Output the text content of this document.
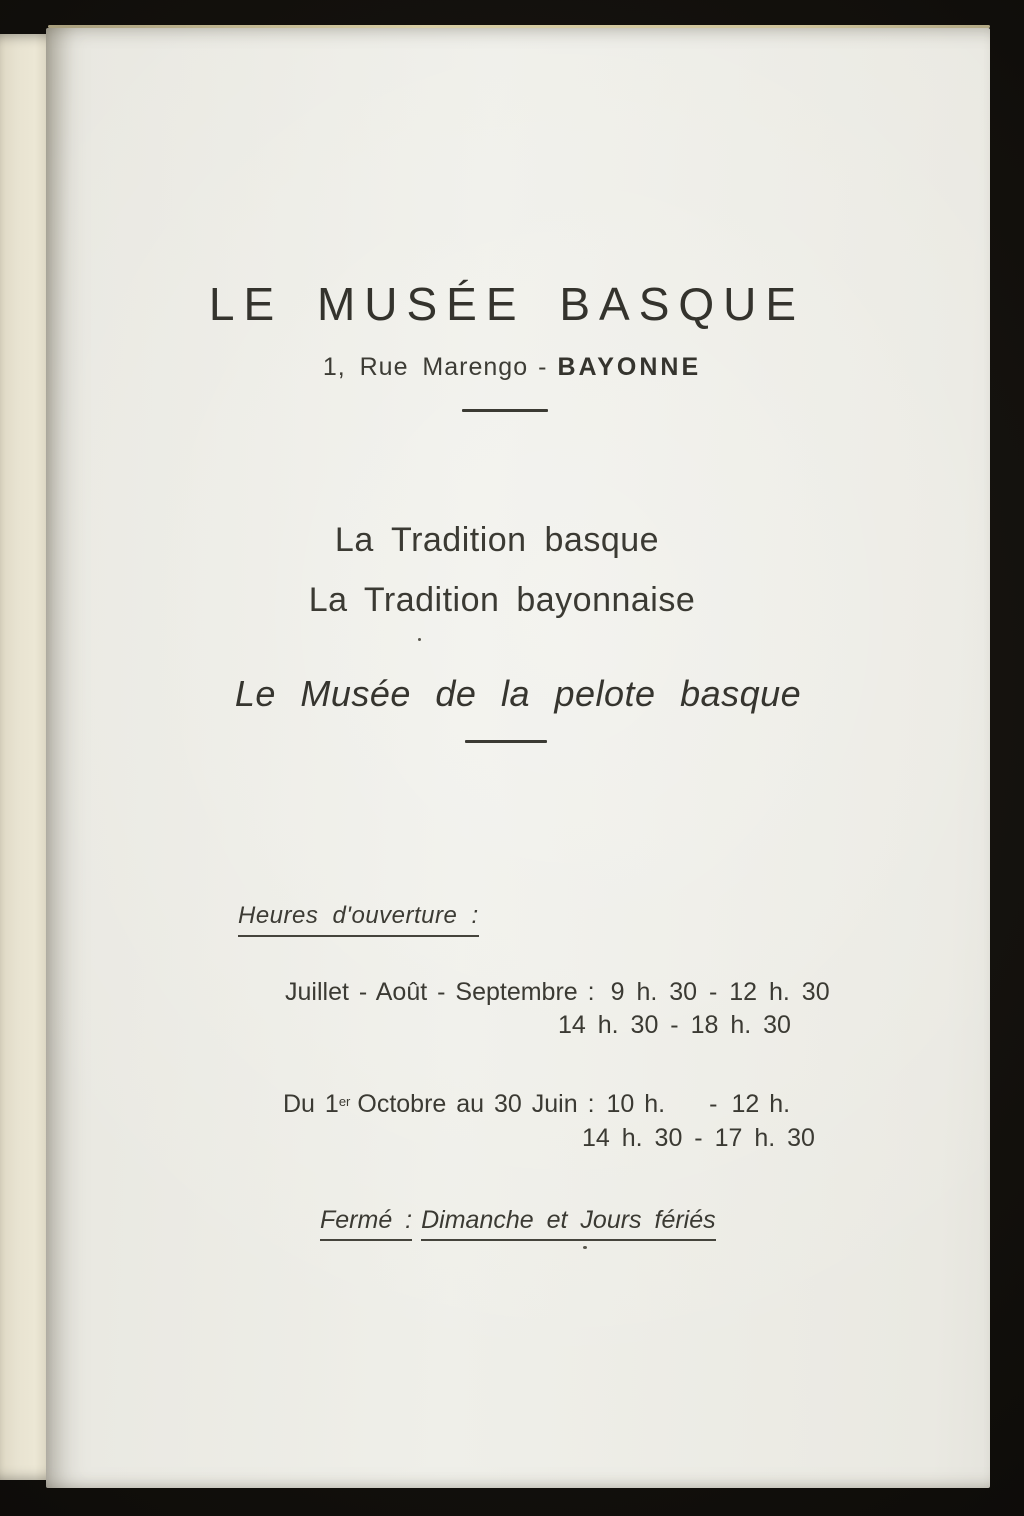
LE MUSÉE BASQUE
1, Rue Marengo - BAYONNE
La Tradition basque
La Tradition bayonnaise
Le Musée de la pelote basque
Heures d'ouverture :
Juillet - Août - Septembre : 9 h. 30 - 12 h. 30
14 h. 30 - 18 h. 30
Du 1er Octobre au 30 Juin : 10 h. - 12 h.
14 h. 30 - 17 h. 30
Fermé : Dimanche et Jours fériés
